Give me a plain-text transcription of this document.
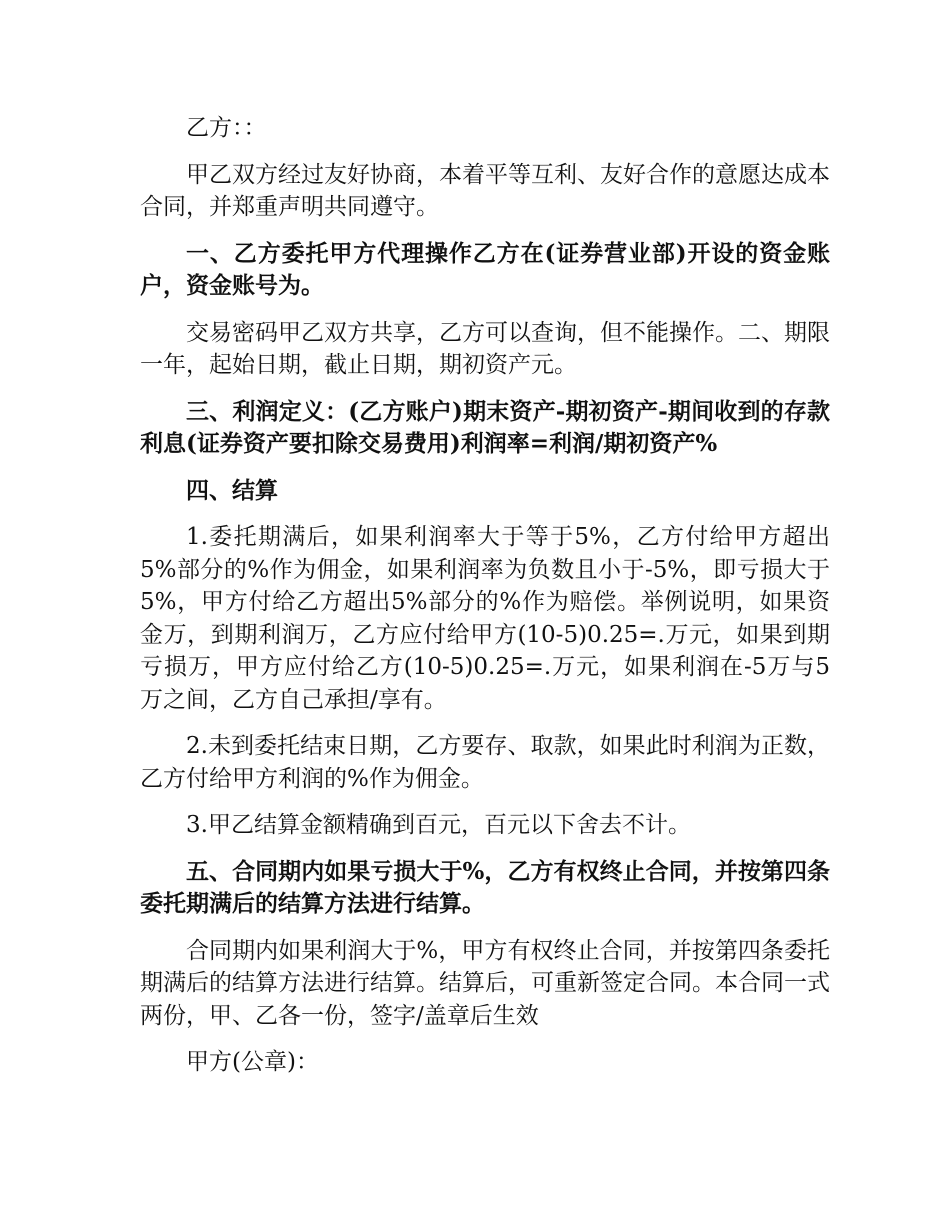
乙方：：

甲乙双方经过友好协商，本着平等互利、友好合作的意愿达成本合同，并郑重声明共同遵守。

一、乙方委托甲方代理操作乙方在(证券营业部)开设的资金账户，资金账号为。

交易密码甲乙双方共享，乙方可以查询，但不能操作。二、期限一年，起始日期，截止日期，期初资产元。

三、利润定义：(乙方账户)期末资产-期初资产-期间收到的存款利息(证券资产要扣除交易费用)利润率=利润/期初资产%

四、结算

1.委托期满后，如果利润率大于等于5%，乙方付给甲方超出5%部分的%作为佣金，如果利润率为负数且小于-5%，即亏损大于5%，甲方付给乙方超出5%部分的%作为赔偿。举例说明，如果资金万，到期利润万，乙方应付给甲方(10-5)0.25=.万元，如果到期亏损万，甲方应付给乙方(10-5)0.25=.万元，如果利润在-5万与5万之间，乙方自己承担/享有。

2.未到委托结束日期，乙方要存、取款，如果此时利润为正数，乙方付给甲方利润的%作为佣金。

3.甲乙结算金额精确到百元，百元以下舍去不计。

五、合同期内如果亏损大于%，乙方有权终止合同，并按第四条委托期满后的结算方法进行结算。

合同期内如果利润大于%，甲方有权终止合同，并按第四条委托期满后的结算方法进行结算。结算后，可重新签定合同。本合同一式两份，甲、乙各一份，签字/盖章后生效

甲方(公章)：
